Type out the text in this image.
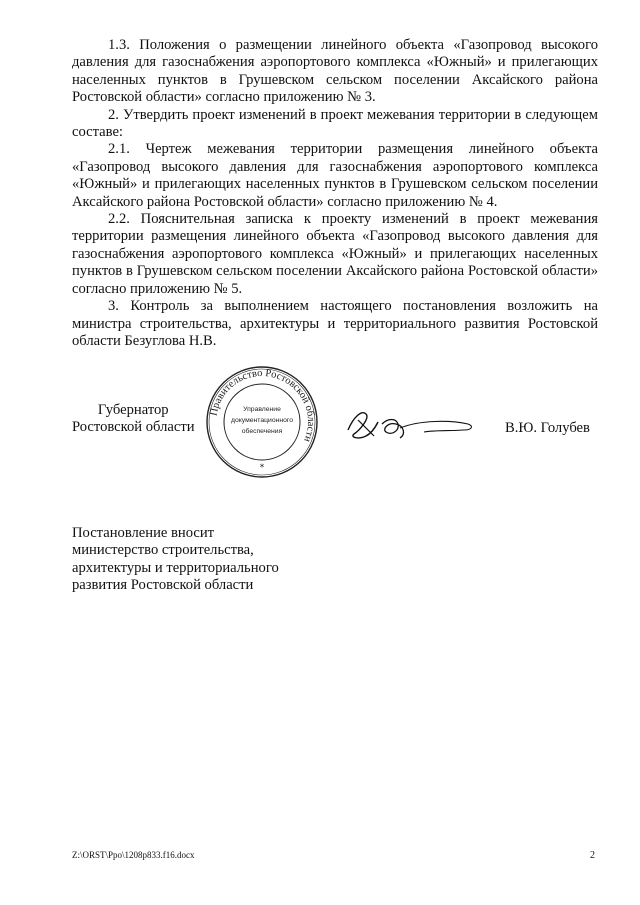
1.3. Положения о размещении линейного объекта «Газопровод высокого давления для газоснабжения аэропортового комплекса «Южный» и прилегающих населенных пунктов в Грушевском сельском поселении Аксайского района Ростовской области» согласно приложению № 3.

2. Утвердить проект изменений в проект межевания территории в следующем составе:

2.1. Чертеж межевания территории размещения линейного объекта «Газопровод высокого давления для газоснабжения аэропортового комплекса «Южный» и прилегающих населенных пунктов в Грушевском сельском поселении Аксайского района Ростовской области» согласно приложению № 4.

2.2. Пояснительная записка к проекту изменений в проект межевания территории размещения линейного объекта «Газопровод высокого давления для газоснабжения аэропортового комплекса «Южный» и прилегающих населенных пунктов в Грушевском сельском поселении Аксайского района Ростовской области» согласно приложению № 5.

3. Контроль за выполнением настоящего постановления возложить на министра строительства, архитектуры и территориального развития Ростовской области Безуглова Н.В.

Губернатор
Ростовской области
Правительство Ростовской области
Управление
документационного
обеспечения
*
В.Ю. Голубев
Постановление вносит
министерство строительства,
архитектуры и территориального
развития Ростовской области
Z:\ORST\Ppo\1208p833.f16.docx	2
